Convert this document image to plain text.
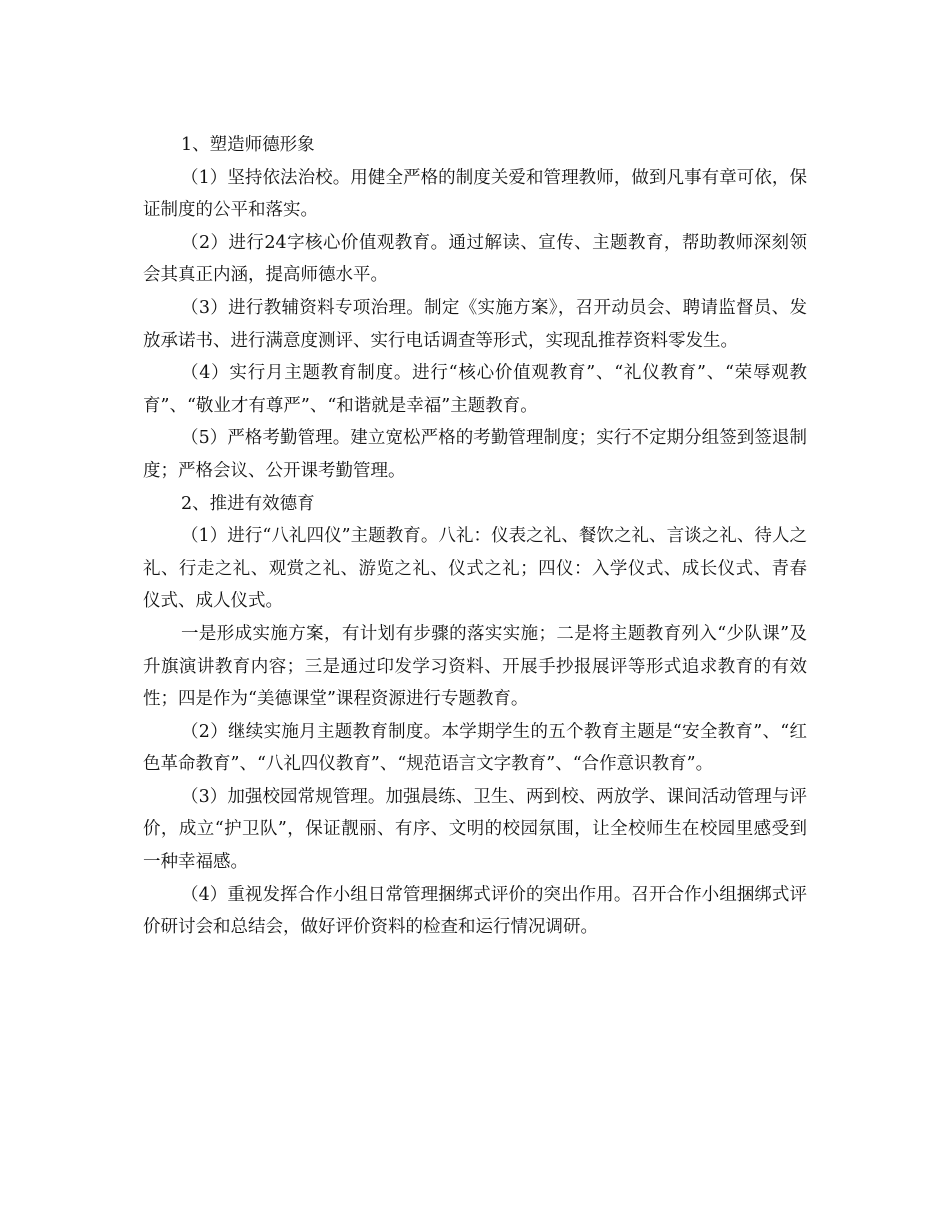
1、塑造师德形象

（1）坚持依法治校。用健全严格的制度关爱和管理教师，做到凡事有章可依，保证制度的公平和落实。

（2）进行24字核心价值观教育。通过解读、宣传、主题教育，帮助教师深刻领会其真正内涵，提高师德水平。

（3）进行教辅资料专项治理。制定《实施方案》，召开动员会、聘请监督员、发放承诺书、进行满意度测评、实行电话调查等形式，实现乱推荐资料零发生。

（4）实行月主题教育制度。进行“核心价值观教育”、“礼仪教育”、“荣辱观教育”、“敬业才有尊严”、“和谐就是幸福”主题教育。

（5）严格考勤管理。建立宽松严格的考勤管理制度；实行不定期分组签到签退制度；严格会议、公开课考勤管理。

2、推进有效德育

（1）进行“八礼四仪”主题教育。八礼：仪表之礼、餐饮之礼、言谈之礼、待人之礼、行走之礼、观赏之礼、游览之礼、仪式之礼；四仪：入学仪式、成长仪式、青春仪式、成人仪式。

一是形成实施方案，有计划有步骤的落实实施；二是将主题教育列入“少队课”及升旗演讲教育内容；三是通过印发学习资料、开展手抄报展评等形式追求教育的有效性；四是作为“美德课堂”课程资源进行专题教育。

（2）继续实施月主题教育制度。本学期学生的五个教育主题是“安全教育”、“红色革命教育”、“八礼四仪教育”、“规范语言文字教育”、“合作意识教育”。

（3）加强校园常规管理。加强晨练、卫生、两到校、两放学、课间活动管理与评价，成立“护卫队”，保证靓丽、有序、文明的校园氛围，让全校师生在校园里感受到一种幸福感。

（4）重视发挥合作小组日常管理捆绑式评价的突出作用。召开合作小组捆绑式评价研讨会和总结会，做好评价资料的检查和运行情况调研。
